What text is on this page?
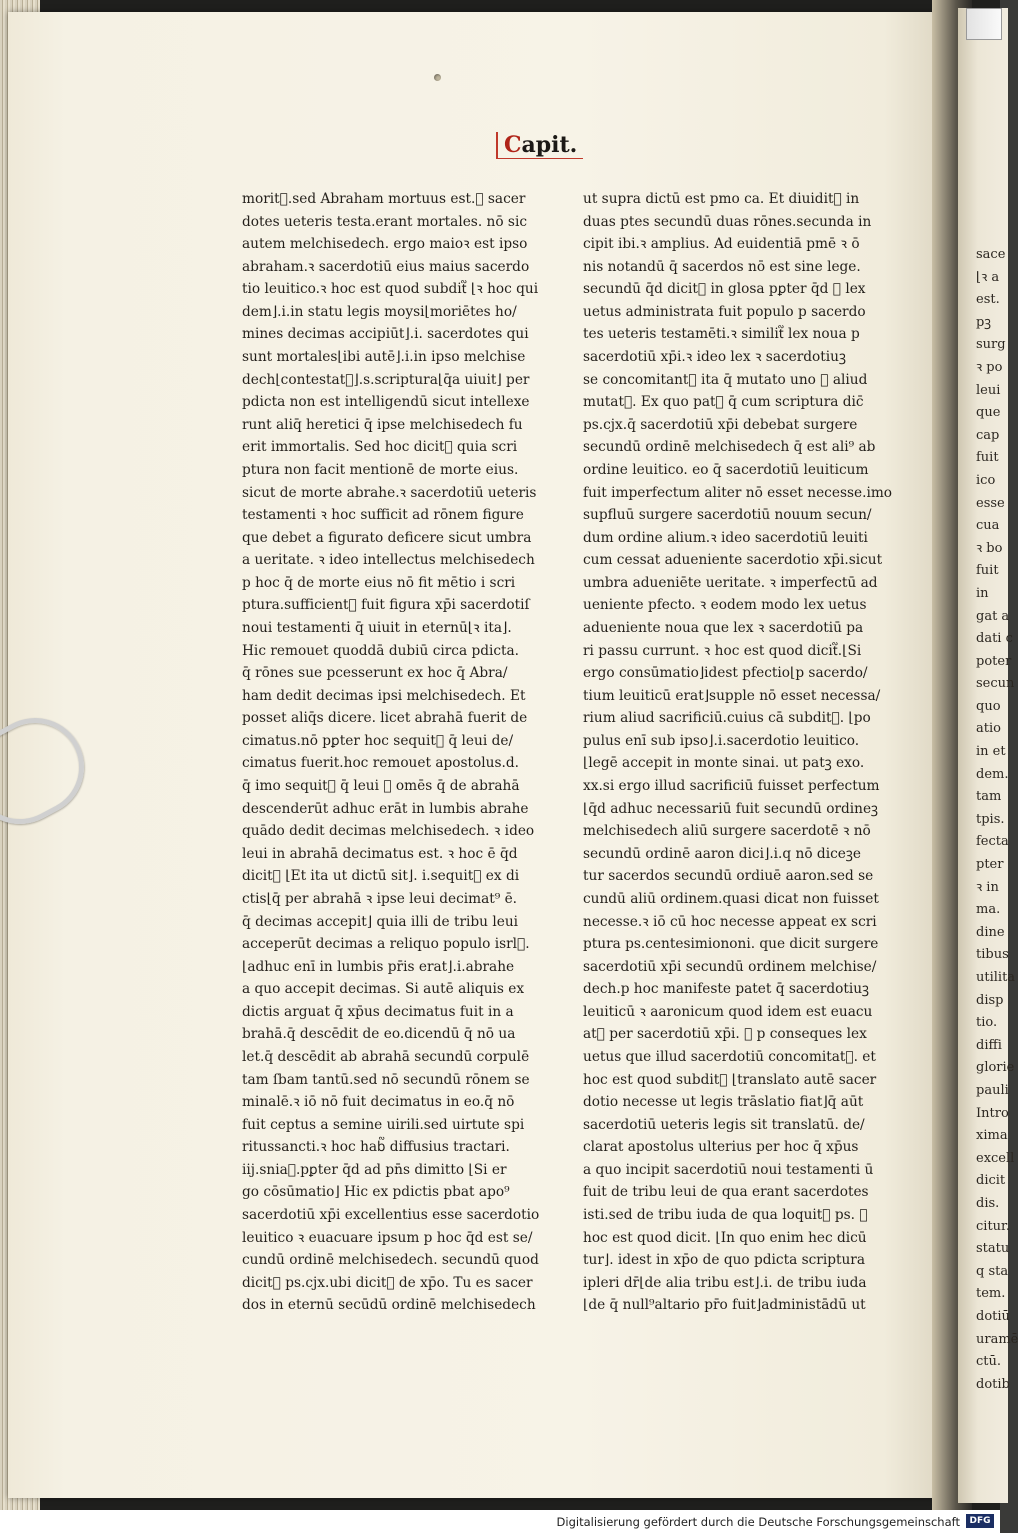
sace
⌊ꝛ a
est.
pꝫ
surg
ꝛ po
leui
que
cap
fuit
ico
esse
cua
ꝛ bo
fuit
in
gat a
dati c
poter
secun
quo
atio
in et
dem.
tam
tpis.
fecta
pter
ꝛ in
ma.
dine
tibus
utilita
disp
tio.
diffi
glorie
pauli
Intro
xima
excell
dicit
dis.
citur.
statu
q sta
tem.
dotiū
uramē
ctū.
dotib
Capit.
morit᷑.sed Abraham mortuus est.ꝛ sacer
dotes ueteris testa.erant mortales. nō sic
autem melchisedech. ergo maioꝛ est ipso
abraham.ꝛ sacerdotiū eius maius sacerdo
tio leuitico.ꝛ hoc est quod subdit᷑ ⌊ꝛ hoc qui
dem⌋.i.in statu legis moysi⌊moriētes ho/
mines decimas accipiūt⌋.i. sacerdotes qui
sunt mortales⌊ibi autē⌋.i.in ipso melchise
dech⌊contestat᷑⌋.s.scriptura⌊q̄a uiuit⌋ per
pdicta non est intelligendū sicut intellexe
runt aliq̄ heretici q̄ ipse melchisedech fu
erit immortalis. Sed hoc dicit᷑ quia scri
ptura non facit mentionē de morte eius.
sicut de morte abrahe.ꝛ sacerdotiū ueteris
testamenti ꝛ hoc sufficit ad rōnem figure
que debet a figurato deficere sicut umbra
a ueritate. ꝛ ideo intellectus melchisedech
p hoc q̄ de morte eius nō fit mētio i scri
ptura.sufficient᷑ fuit figura xp̄i sacerdotiſ
noui testamenti q̄ uiuit in eternū⌊ꝛ ita⌋.
Hic remouet quoddā dubiū circa pdicta.
q̄ rōnes sue pcesserunt ex hoc q̄ Abra/
ham dedit decimas ipsi melchisedech. Et
posset aliq̄s dicere. licet abrahā fuerit de
cimatus.nō pꝑter hoc sequit᷑ q̄ leui de/
cimatus fuerit.hoc remouet apostolus.d.
q̄ imo sequit᷑ q̄ leui ꝛ omēs q̄ de abrahā
descenderūt adhuc erāt in lumbis abrahe
quādo dedit decimas melchisedech. ꝛ ideo
leui in abrahā decimatus est. ꝛ hoc ē q̄d
dicit᷑ ⌊Et ita ut dictū sit⌋. i.sequit᷑ ex di
ctis⌊q̄ per abrahā ꝛ ipse leui decimat⁹ ē.
q̄ decimas accepit⌋ quia illi de tribu leui
acceperūt decimas a reliquo populo isrl᷑.
⌊adhuc enī in lumbis pr̄is erat⌋.i.abrahe
a quo accepit decimas. Si autē aliquis ex
dictis arguat q̄ xp̄us decimatus fuit in a
brahā.q̄ descēdit de eo.dicendū q̄ nō ua
let.q̄ descēdit ab abrahā secundū corpulē
tam ſbam tantū.sed nō secundū rōnem se
minalē.ꝛ iō nō fuit decimatus in eo.q̄ nō
fuit ceptus a semine uirili.sed uirtute spi
ritussancti.ꝛ hoc hab᷑ diffusius tractari.
iij.snia᷑.pꝑter q̄d ad pn̄s dimitto ⌊Si er
go cōsūmatio⌋ Hic ex pdictis pbat apo⁹
sacerdotiū xp̄i excellentius esse sacerdotio
leuitico ꝛ euacuare ipsum p hoc q̄d est se/
cundū ordinē melchisedech. secundū quod
dicit᷑ ps.cjx.ubi dicit᷑ de xp̄o. Tu es sacer
dos in eternū secūdū ordinē melchisedech
ut supra dictū est pmo ca. Et diuidit᷑ in
duas ptes secundū duas rōnes.secunda in
cipit ibi.ꝛ amplius. Ad euidentiā pmē ꝛ ō
nis notandū q̄ sacerdos nō est sine lege.
secundū q̄d dicit᷑ in glosa pꝑter q̄d ꝛ lex
uetus administrata fuit populo p sacerdo
tes ueteris testamēti.ꝛ similit᷑ lex noua p
sacerdotiū xp̄i.ꝛ ideo lex ꝛ sacerdotiuꝫ
se concomitant᷑ ita q̄ mutato uno ꝛ aliud
mutat᷑. Ex quo patꝫ q̄ cum scriptura dic̄
ps.cjx.q̄ sacerdotiū xp̄i debebat surgere
secundū ordinē melchisedech q̄ est ali⁹ ab
ordine leuitico. eo q̄ sacerdotiū leuiticum
fuit imperfectum aliter nō esset necesse.imo
supfluū surgere sacerdotiū nouum secun/
dum ordine alium.ꝛ ideo sacerdotiū leuiti
cum cessat adueniente sacerdotio xp̄i.sicut
umbra adueniēte ueritate. ꝛ imperfectū ad
ueniente pfecto. ꝛ eodem modo lex uetus
adueniente noua que lex ꝛ sacerdotiū pa
ri passu currunt. ꝛ hoc est quod dicit᷑.⌊Si
ergo consūmatio⌋idest pfectio⌊p sacerdo/
tium leuiticū erat⌋supple nō esset necessa/
rium aliud sacrificiū.cuius cā subdit᷑. ⌊po
pulus enī sub ipso⌋.i.sacerdotio leuitico.
⌊legē accepit in monte sinai. ut patꝫ exo.
xx.si ergo illud sacrificiū fuisset perfectum
⌊q̄d adhuc necessariū fuit secundū ordineꝫ
melchisedech aliū surgere sacerdotē ꝛ nō
secundū ordinē aaron dici⌋.i.q nō diceꝫe
tur sacerdos secundū ordiuē aaron.sed se
cundū aliū ordinem.quasi dicat non fuisset
necesse.ꝛ iō cū hoc necesse appeat ex scri
ptura ps.centesimiononi. que dicit surgere
sacerdotiū xp̄i secundū ordinem melchise/
dech.p hoc manifeste patet q̄ sacerdotiuꝫ
leuiticū ꝛ aaronicum quod idem est euacu
at᷑ per sacerdotiū xp̄i. ꝛ p conseques lex
uetus que illud sacerdotiū concomitat᷑. et
hoc est quod subdit᷑ ⌊translato autē sacer
dotio necesse ut legis trāslatio fiat⌋q̄ aūt
sacerdotiū ueteris legis sit translatū. de/
clarat apostolus ulterius per hoc q̄ xp̄us
a quo incipit sacerdotiū noui testamenti ū
fuit de tribu leui de qua erant sacerdotes
isti.sed de tribu iuda de qua loquit᷑ ps. ꝛ
hoc est quod dicit. ⌊In quo enim hec dicū
tur⌋. idest in xp̄o de quo pdicta scriptura
ipleri dr̄⌊de alia tribu est⌋.i. de tribu iuda
⌊de q̄ null⁹altario pr̄o fuit⌋administādū ut
Digitalisierung gefördert durch die Deutsche Forschungsgemeinschaft	DFG
